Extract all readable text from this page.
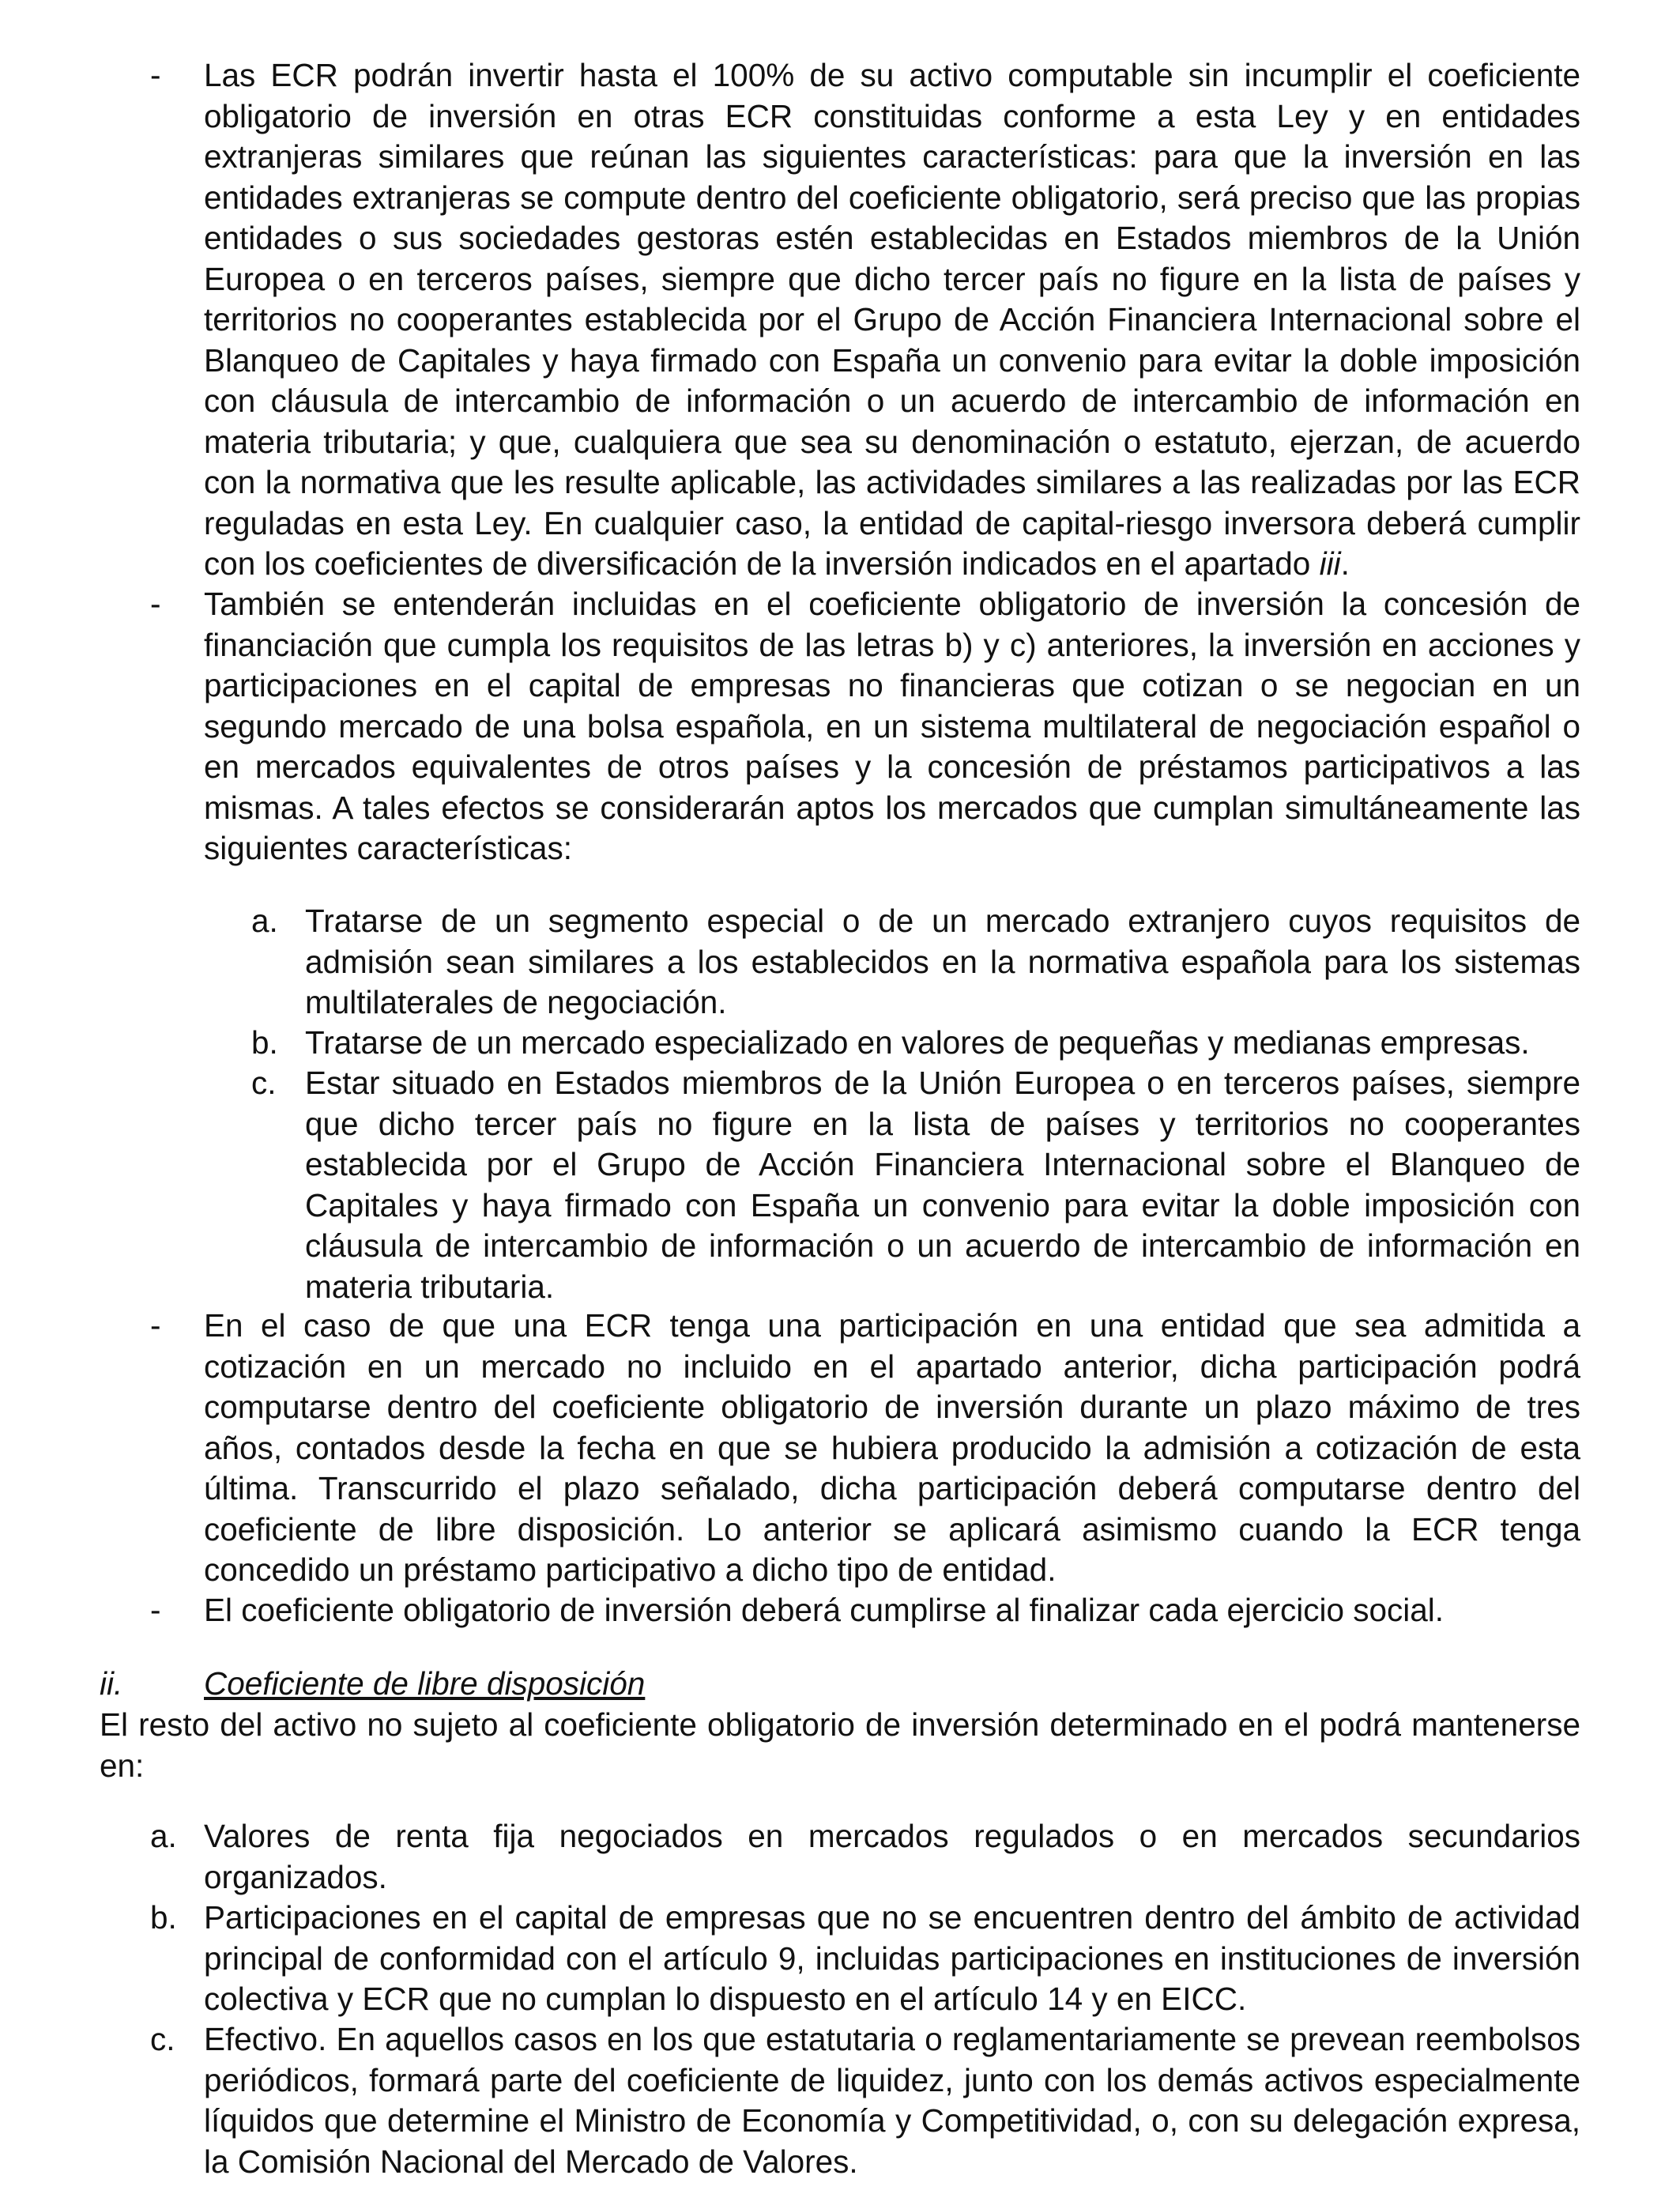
-	Las ECR podrán invertir hasta el 100% de su activo computable sin incumplir el coeficiente obligatorio de inversión en otras ECR constituidas conforme a esta Ley y en entidades extranjeras similares que reúnan las siguientes características: para que la inversión en las entidades extranjeras se compute dentro del coeficiente obligatorio, será preciso que las propias entidades o sus sociedades gestoras estén establecidas en Estados miembros de la Unión Europea o en terceros países, siempre que dicho tercer país no figure en la lista de países y territorios no cooperantes establecida por el Grupo de Acción Financiera Internacional sobre el Blanqueo de Capitales y haya firmado con España un convenio para evitar la doble imposición con cláusula de intercambio de información o un acuerdo de intercambio de información en materia tributaria; y que, cualquiera que sea su denominación o estatuto, ejerzan, de acuerdo con la normativa que les resulte aplicable, las actividades similares a las realizadas por las ECR reguladas en esta Ley. En cualquier caso, la entidad de capital-riesgo inversora deberá cumplir con los coeficientes de diversificación de la inversión indicados en el apartado iii.
-	También se entenderán incluidas en el coeficiente obligatorio de inversión la concesión de financiación que cumpla los requisitos de las letras b) y c) anteriores, la inversión en acciones y participaciones en el capital de empresas no financieras que cotizan o se negocian en un segundo mercado de una bolsa española, en un sistema multilateral de negociación español o en mercados equivalentes de otros países y la concesión de préstamos participativos a las mismas. A tales efectos se considerarán aptos los mercados que cumplan simultáneamente las siguientes características:
a. Tratarse de un segmento especial o de un mercado extranjero cuyos requisitos de admisión sean similares a los establecidos en la normativa española para los sistemas multilaterales de negociación.
b. Tratarse de un mercado especializado en valores de pequeñas y medianas empresas.
c. Estar situado en Estados miembros de la Unión Europea o en terceros países, siempre que dicho tercer país no figure en la lista de países y territorios no cooperantes establecida por el Grupo de Acción Financiera Internacional sobre el Blanqueo de Capitales y haya firmado con España un convenio para evitar la doble imposición con cláusula de intercambio de información o un acuerdo de intercambio de información en materia tributaria.
-	En el caso de que una ECR tenga una participación en una entidad que sea admitida a cotización en un mercado no incluido en el apartado anterior, dicha participación podrá computarse dentro del coeficiente obligatorio de inversión durante un plazo máximo de tres años, contados desde la fecha en que se hubiera producido la admisión a cotización de esta última. Transcurrido el plazo señalado, dicha participación deberá computarse dentro del coeficiente de libre disposición. Lo anterior se aplicará asimismo cuando la ECR tenga concedido un préstamo participativo a dicho tipo de entidad.
-	El coeficiente obligatorio de inversión deberá cumplirse al finalizar cada ejercicio social.
ii.	Coeficiente de libre disposición
El resto del activo no sujeto al coeficiente obligatorio de inversión determinado en el podrá mantenerse en:
a. Valores de renta fija negociados en mercados regulados o en mercados secundarios organizados.
b. Participaciones en el capital de empresas que no se encuentren dentro del ámbito de actividad principal de conformidad con el artículo 9, incluidas participaciones en instituciones de inversión colectiva y ECR que no cumplan lo dispuesto en el artículo 14 y en EICC.
c. Efectivo. En aquellos casos en los que estatutaria o reglamentariamente se prevean reembolsos periódicos, formará parte del coeficiente de liquidez, junto con los demás activos especialmente líquidos que determine el Ministro de Economía y Competitividad, o, con su delegación expresa, la Comisión Nacional del Mercado de Valores.
